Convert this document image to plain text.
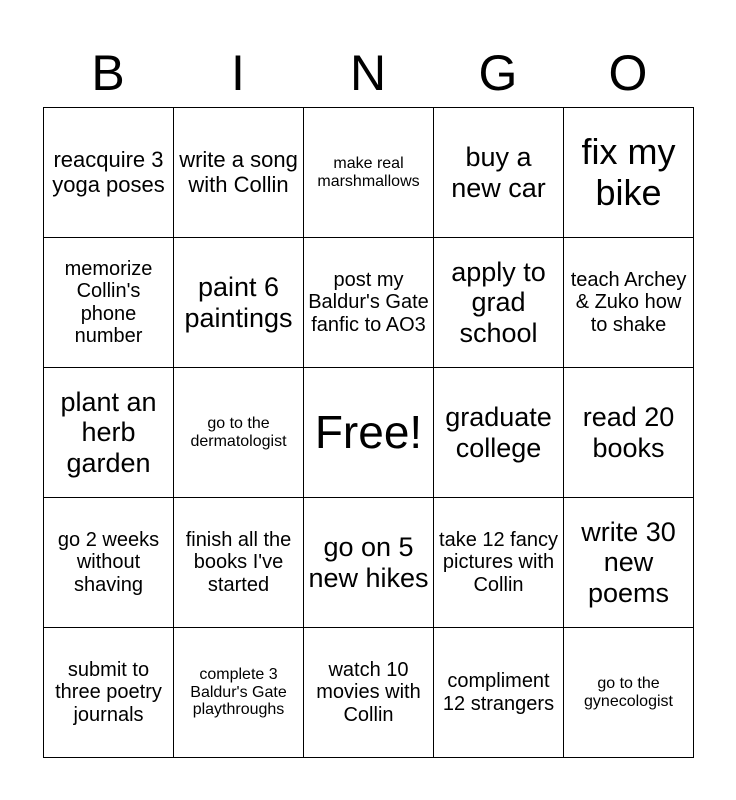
B	I	N	G	O
reacquire 3 yoga poses	write a song with Collin	make real marshmallows	buy a new car	fix my bike
memorize Collin's phone number	paint 6 paintings	post my Baldur's Gate fanfic to AO3	apply to grad school	teach Archey & Zuko how to shake
plant an herb garden	go to the dermatologist	Free!	graduate college	read 20 books
go 2 weeks without shaving	finish all the books I've started	go on 5 new hikes	take 12 fancy pictures with Collin	write 30 new poems
submit to three poetry journals	complete 3 Baldur's Gate playthroughs	watch 10 movies with Collin	compliment 12 strangers	go to the gynecologist
